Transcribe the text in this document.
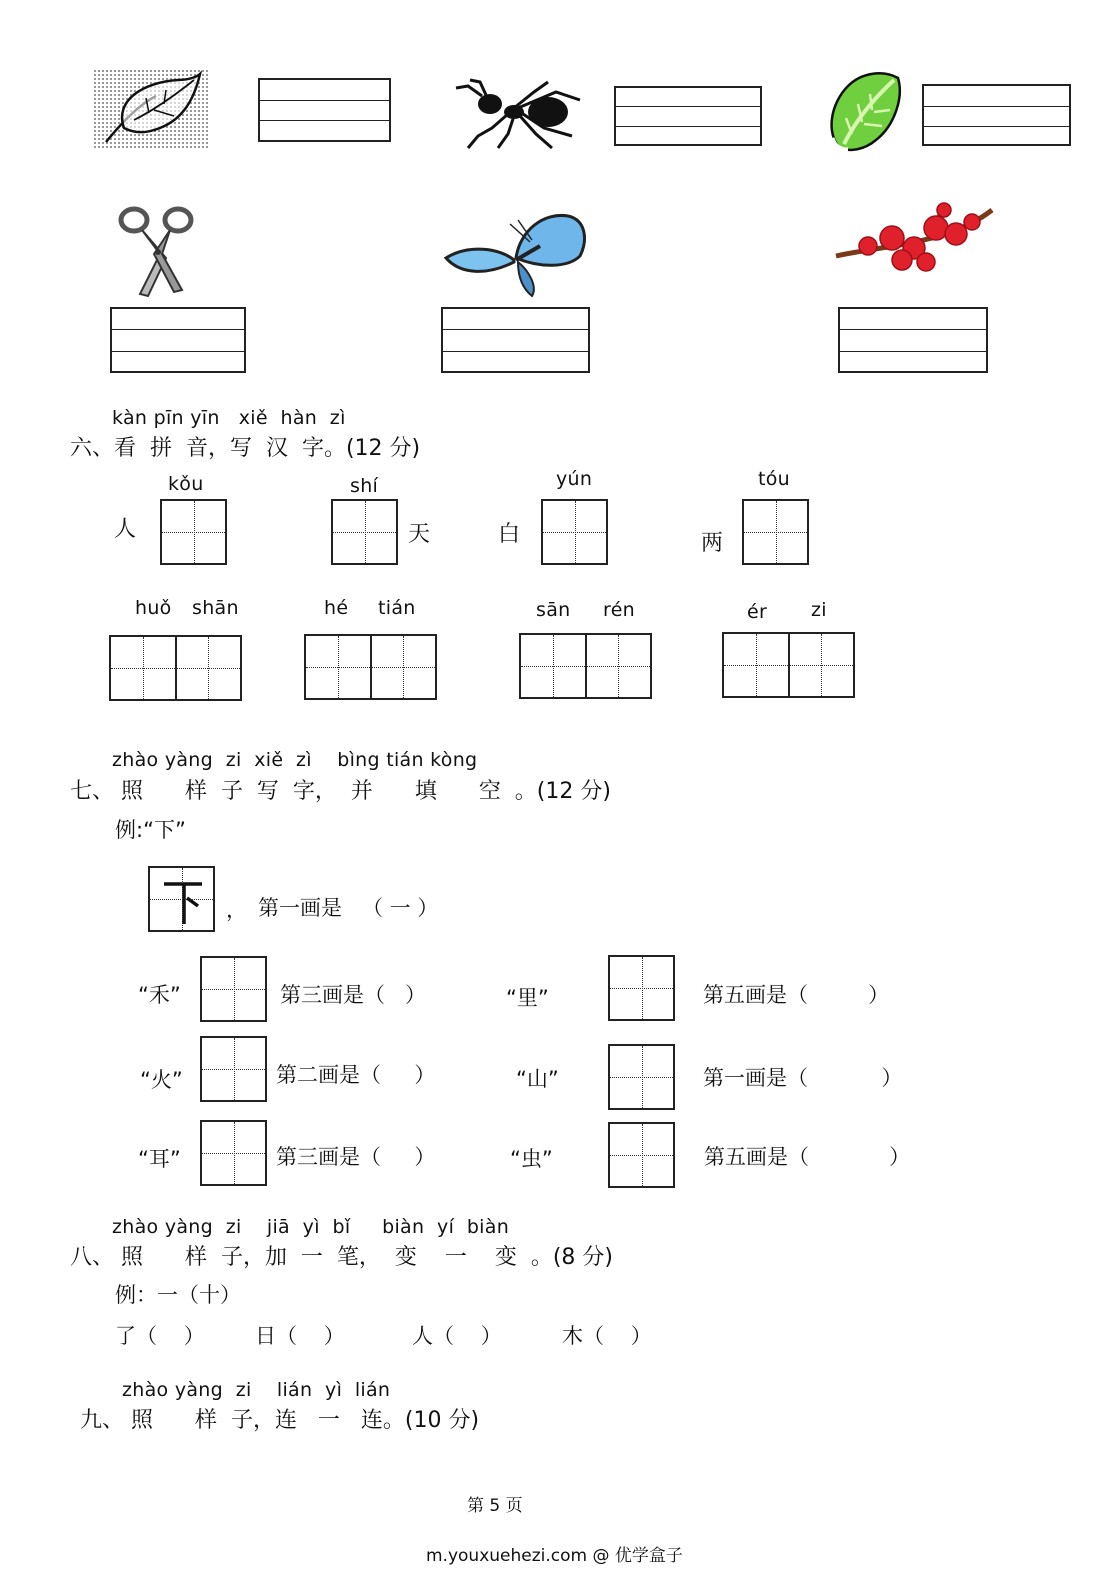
kàn pīn yīn   xiě  hàn  zì
六、看  拼  音，写  汉  字。(12 分)
kǒu
人
shí
天
yún
白
tóu
两
huǒ shān	hé tián	sān rén	ér zi
zhào yàng  zi  xiě  zì    bìng tián kòng
七、 照      样  子  写  字，  并      填      空  。(12 分)
例:“下”
， 第一画是   （ 一 ）
“禾”	第三画是（   ）	“里”	第五画是（         ）
“火”	第二画是（     ）	“山”	第一画是（           ）
“耳”	第三画是（     ）	“虫”	第五画是（            ）
zhào yàng  zi    jiā  yì  bǐ     biàn  yí  biàn
八、 照      样  子，加  一  笔，  变    一    变  。(8 分)
例：一（十）
了（    ） 日（    ）	人（    ）	木（    ）
zhào yàng  zi    lián  yì  lián
九、 照      样  子，连   一   连。(10 分)
第 5 页
m.youxuehezi.com @ 优学盒子
